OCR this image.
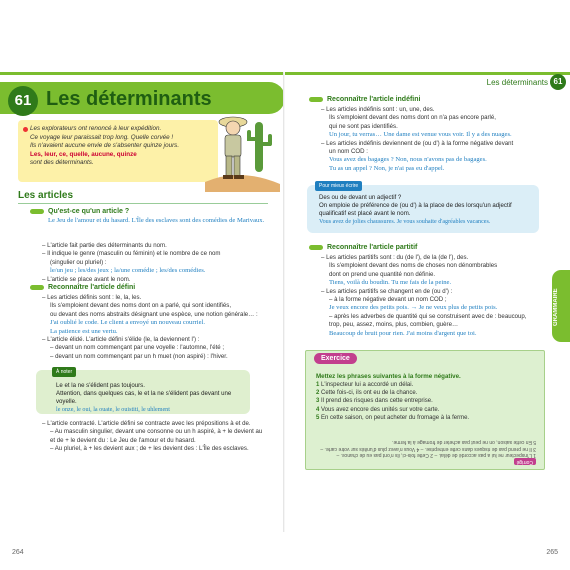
61 Les déterminants
Les explorateurs ont renoncé à leur expédition.
Ce voyage leur paraissait trop long. Quelle corvée !
Ils n'avaient aucune envie de s'absenter quinze jours.
Les, leur, ce, quelle, aucune, quinze
sont des déterminants.
Les articles
Qu'est-ce qu'un article ?
Le Jeu de l'amour et du hasard. L'Île des esclaves sont des comédies de Marivaux.
– L'article fait partie des déterminants du nom.
– Il indique le genre (masculin ou féminin) et le nombre de ce nom
(singulier ou pluriel) :
le/un jeu ; les/des jeux ; la/une comédie ; les/des comédies.
– L'article se place avant le nom.
Reconnaître l'article défini
– Les articles définis sont : le, la, les.
Ils s'emploient devant des noms dont on a parlé, qui sont identifiés,
ou devant des noms abstraits désignant une espèce, une notion générale… :
J'ai oublié le code. Le client a envoyé un nouveau courriel.
La patience est une vertu.
– L'article élidé. L'article défini s'élide (le, la deviennent l') :
– devant un nom commençant par une voyelle : l'automne, l'été ;
– devant un nom commençant par un h muet (non aspiré) : l'hiver.
À noter
Le et la ne s'élident pas toujours.
Attention, dans quelques cas, le et la ne s'élident pas devant une voyelle.
le onze, le oui, la ouate, le ouistiti, le uhlement
– L'article contracté. L'article défini se contracte avec les prépositions à et de.
– Au masculin singulier, devant une consonne ou un h aspiré, à + le devient au
et de + le devient du : Le Jeu de l'amour et du hasard.
– Au pluriel, à + les devient aux ; de + les devient des : L'Île des esclaves.
264
Les déterminants 61
Reconnaître l'article indéfini
– Les articles indéfinis sont : un, une, des.
Ils s'emploient devant des noms dont on n'a pas encore parlé,
qui ne sont pas identifiés.
Un jour, tu verras… Une dame est venue vous voir. Il y a des nuages.
– Les articles indéfinis deviennent de (ou d') à la forme négative devant
un nom COD :
Vous avez des bagages ? Non, nous n'avons pas de bagages.
Tu as un appel ? Non, je n'ai pas eu d'appel.
Pour mieux écrire
Des ou de devant un adjectif ?
On emploie de préférence de (ou d') à la place de des lorsqu'un adjectif
qualificatif est placé avant le nom.
Vous avez de jolies chaussures. Je vous souhaite d'agréables vacances.
Reconnaître l'article partitif
– Les articles partitifs sont : du (de l'), de la (de l'), des.
Ils s'emploient devant des noms de choses non dénombrables
dont on prend une quantité non définie.
Tiens, voilà du boudin. Tu me fais de la peine.
– Les articles partitifs se changent en de (ou d') :
– à la forme négative devant un nom COD ;
Je veux encore des petits pois. → Je ne veux plus de petits pois.
– après les adverbes de quantité qui se construisent avec de : beaucoup,
trop, peu, assez, moins, plus, combien, guère…
Beaucoup de bruit pour rien. J'ai moins d'argent que toi.
Exercice
Mettez les phrases suivantes à la forme négative.
1 L'inspecteur lui a accordé un délai.
2 Cette fois-ci, ils ont eu de la chance.
3 Il prend des risques dans cette entreprise.
4 Vous avez encore des unités sur votre carte.
5 En cette saison, on peut acheter du fromage à la ferme.
Corrigé
1 L'inspecteur ne lui a pas accordé de délai. – 2 Cette fois-ci, ils n'ont pas eu de chance. –
3 Il ne prend pas de risques dans cette entreprise. – 4 Vous n'avez plus d'unités sur votre carte. –
5 En cette saison, on ne peut pas acheter de fromage à la ferme.
GRAMMAIRE
265
